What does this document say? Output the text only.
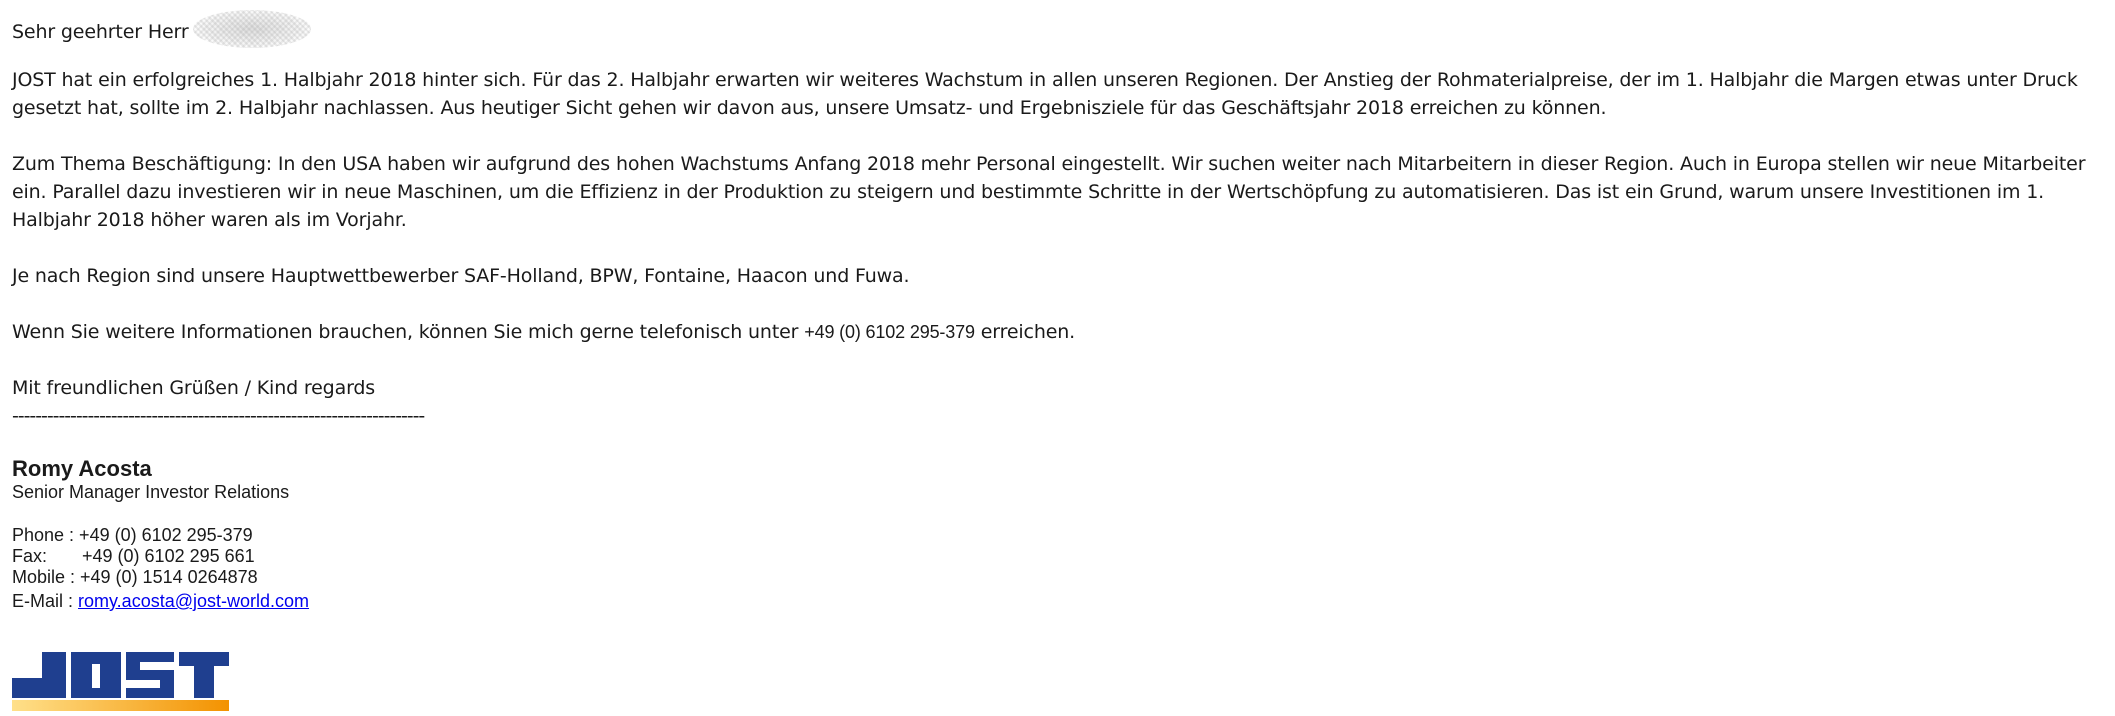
Sehr geehrter Herr

JOST hat ein erfolgreiches 1. Halbjahr 2018 hinter sich. Für das 2. Halbjahr erwarten wir weiteres Wachstum in allen unseren Regionen. Der Anstieg der Rohmaterialpreise, der im 1. Halbjahr die Margen etwas unter Druck gesetzt hat, sollte im 2. Halbjahr nachlassen. Aus heutiger Sicht gehen wir davon aus, unsere Umsatz- und Ergebnisziele für das Geschäftsjahr 2018 erreichen zu können.

Zum Thema Beschäftigung: In den USA haben wir aufgrund des hohen Wachstums Anfang 2018 mehr Personal eingestellt. Wir suchen weiter nach Mitarbeitern in dieser Region. Auch in Europa stellen wir neue Mitarbeiter ein. Parallel dazu investieren wir in neue Maschinen, um die Effizienz in der Produktion zu steigern und bestimmte Schritte in der Wertschöpfung zu automatisieren. Das ist ein Grund, warum unsere Investitionen im 1. Halbjahr 2018 höher waren als im Vorjahr.

Je nach Region sind unsere Hauptwettbewerber SAF-Holland, BPW, Fontaine, Haacon und Fuwa.

Wenn Sie weitere Informationen brauchen, können Sie mich gerne telefonisch unter +49 (0) 6102 295-379 erreichen.

Mit freundlichen Grüßen / Kind regards

-----------------------------------------------------------------------

Romy Acosta

Senior Manager Investor Relations

Phone : +49 (0) 6102 295-379

Fax:       +49 (0) 6102 295 661

Mobile : +49 (0) 1514 0264878

E-Mail : romy.acosta@jost-world.com
